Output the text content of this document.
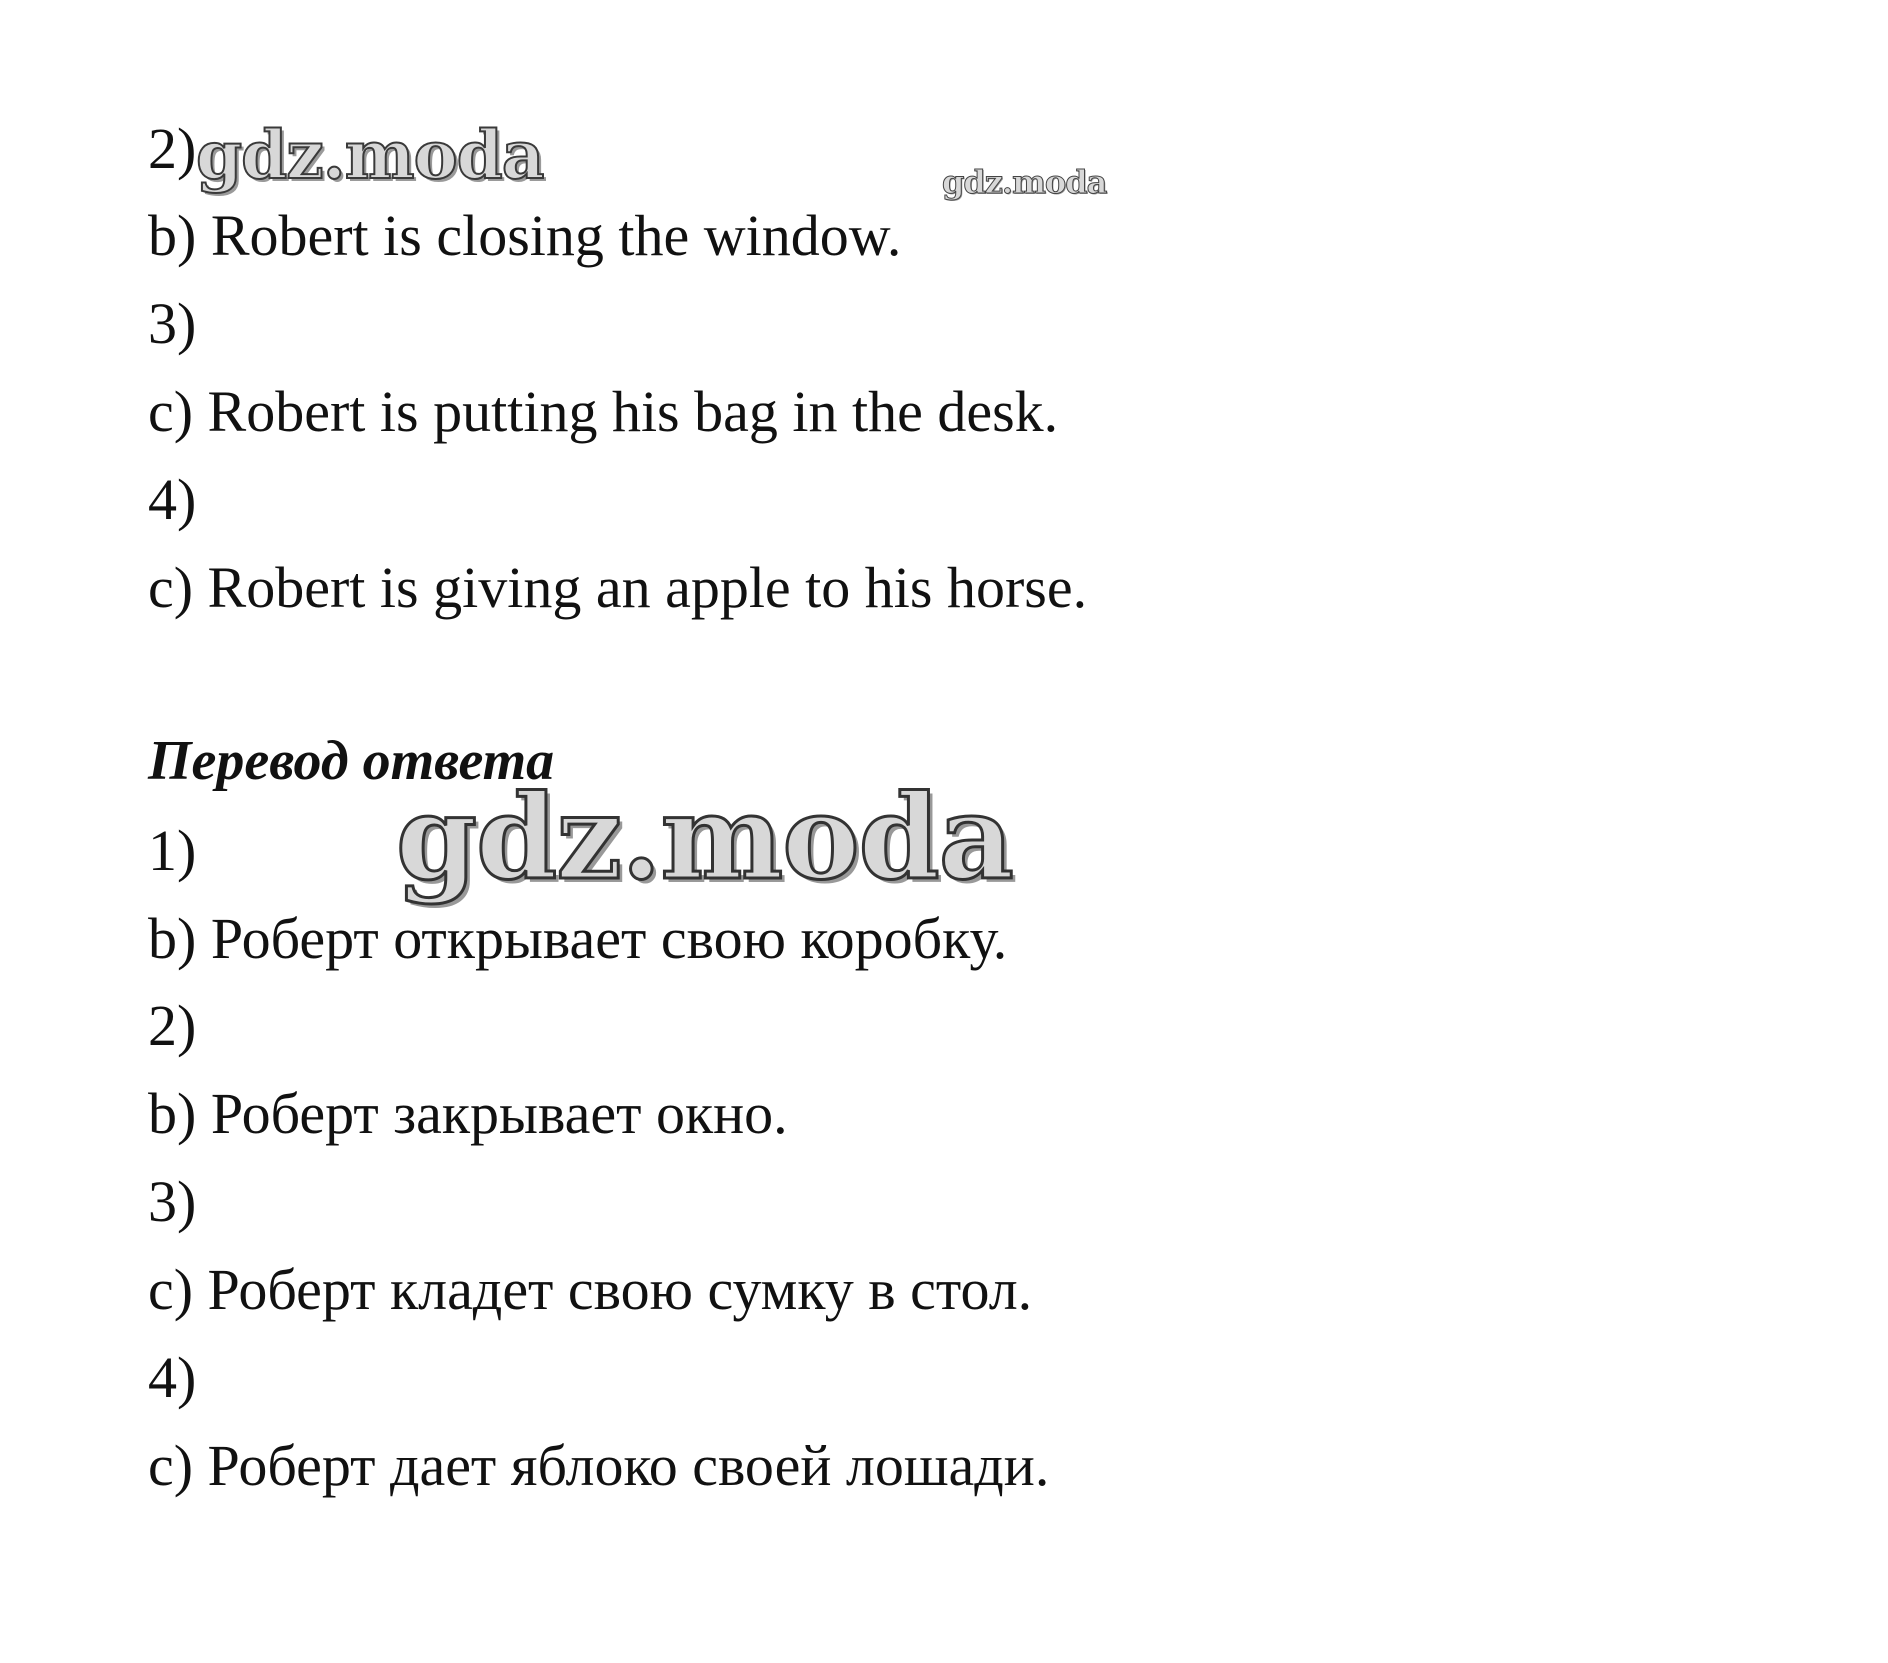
gdz.moda	gdz.moda
gdz.moda
2)
b) Robert is closing the window.
3)
c) Robert is putting his bag in the desk.
4)
c) Robert is giving an apple to his horse.
Перевод ответа
1)
b) Роберт открывает свою коробку.
2)
b) Роберт закрывает окно.
3)
c) Роберт кладет свою сумку в стол.
4)
c) Роберт дает яблоко своей лошади.
